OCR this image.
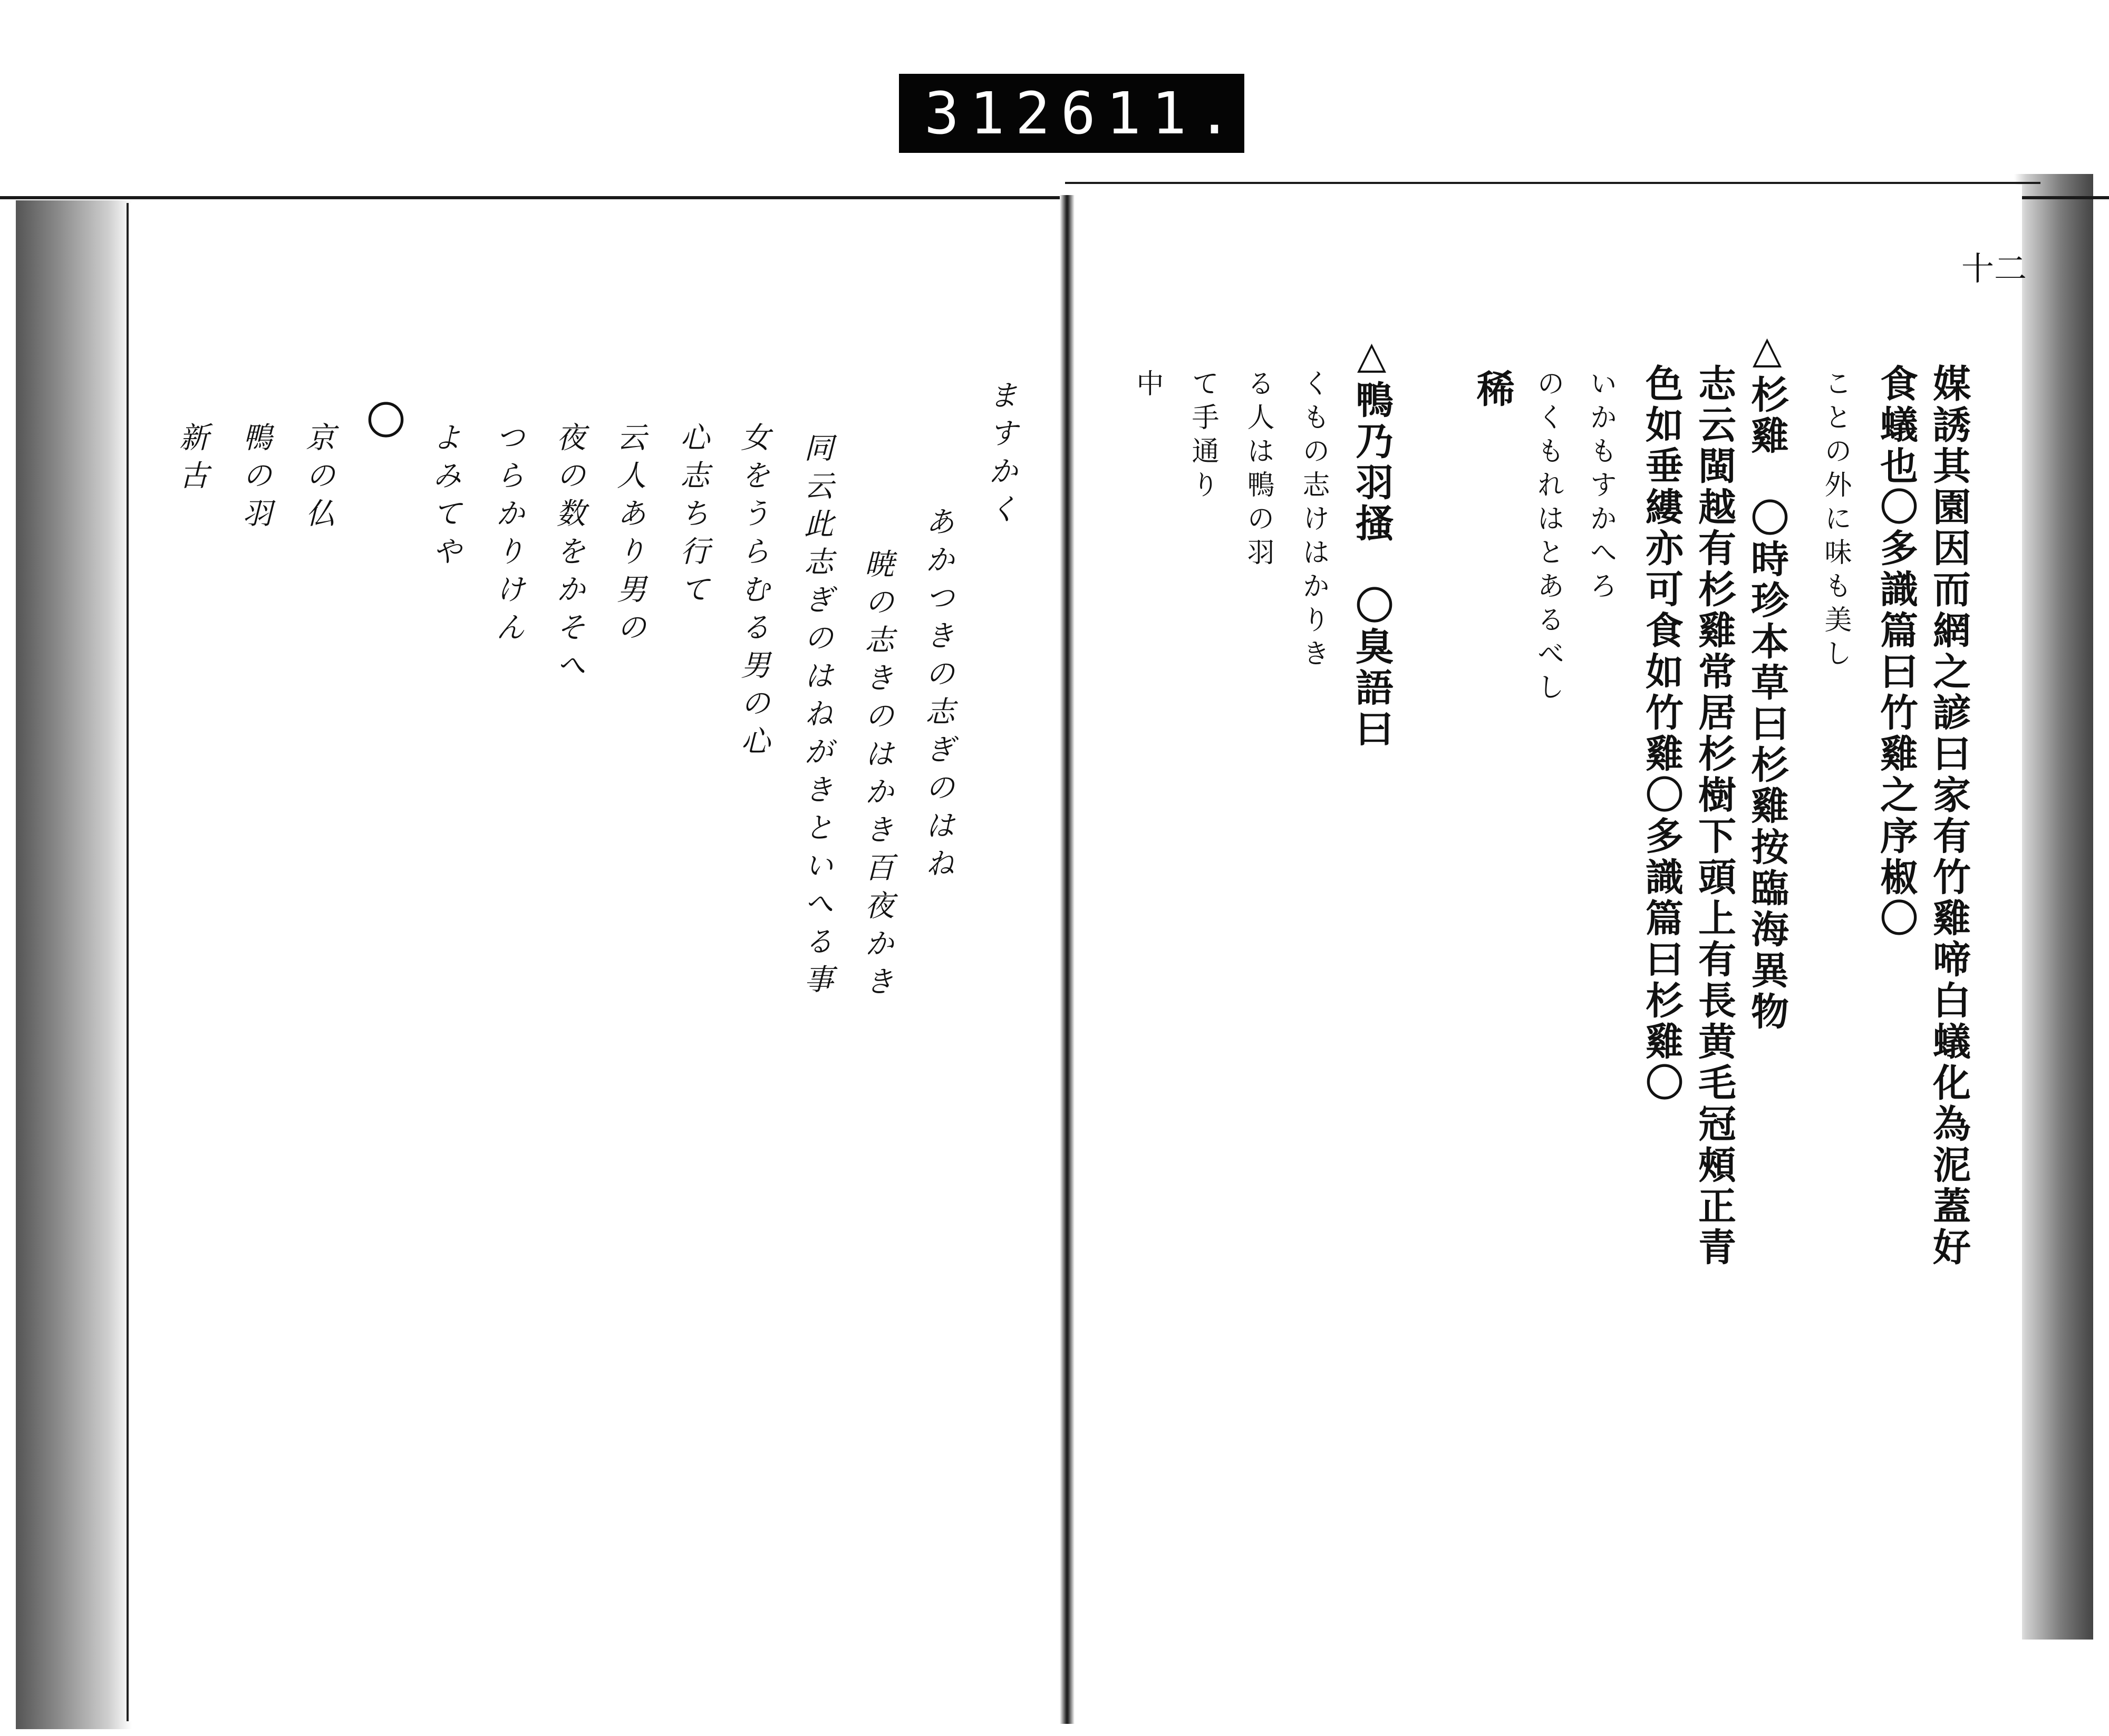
312 611.
十二
媒誘其園因而網之諺曰家有竹雞啼白蟻化為泥蓋好
食蟻也〇多識篇曰竹雞之序椒〇
ことの外に味も美し
△杉雞　〇時珍本草曰杉雞按臨海異物
志云閩越有杉雞常居杉樹下頭上有長黄毛冠頰正青
色如垂縷亦可食如竹雞〇多識篇曰杉雞〇
いかもすかへろ
のくもれはとあるべし
稀
△鴨乃羽搔　〇臭語曰
くもの志けはかりき
る人は鴨の羽
て手通り
中
ますかく
あかつきの志ぎのはね
暁の志きのはかき百夜かき
同云此志ぎのはねがきといへる事
女をうらむる男の心
心志ち行て
云人あり男の
夜の数をかそへ
つらかりけん
よみてや
〇
京の仏
鴨の羽
新古
